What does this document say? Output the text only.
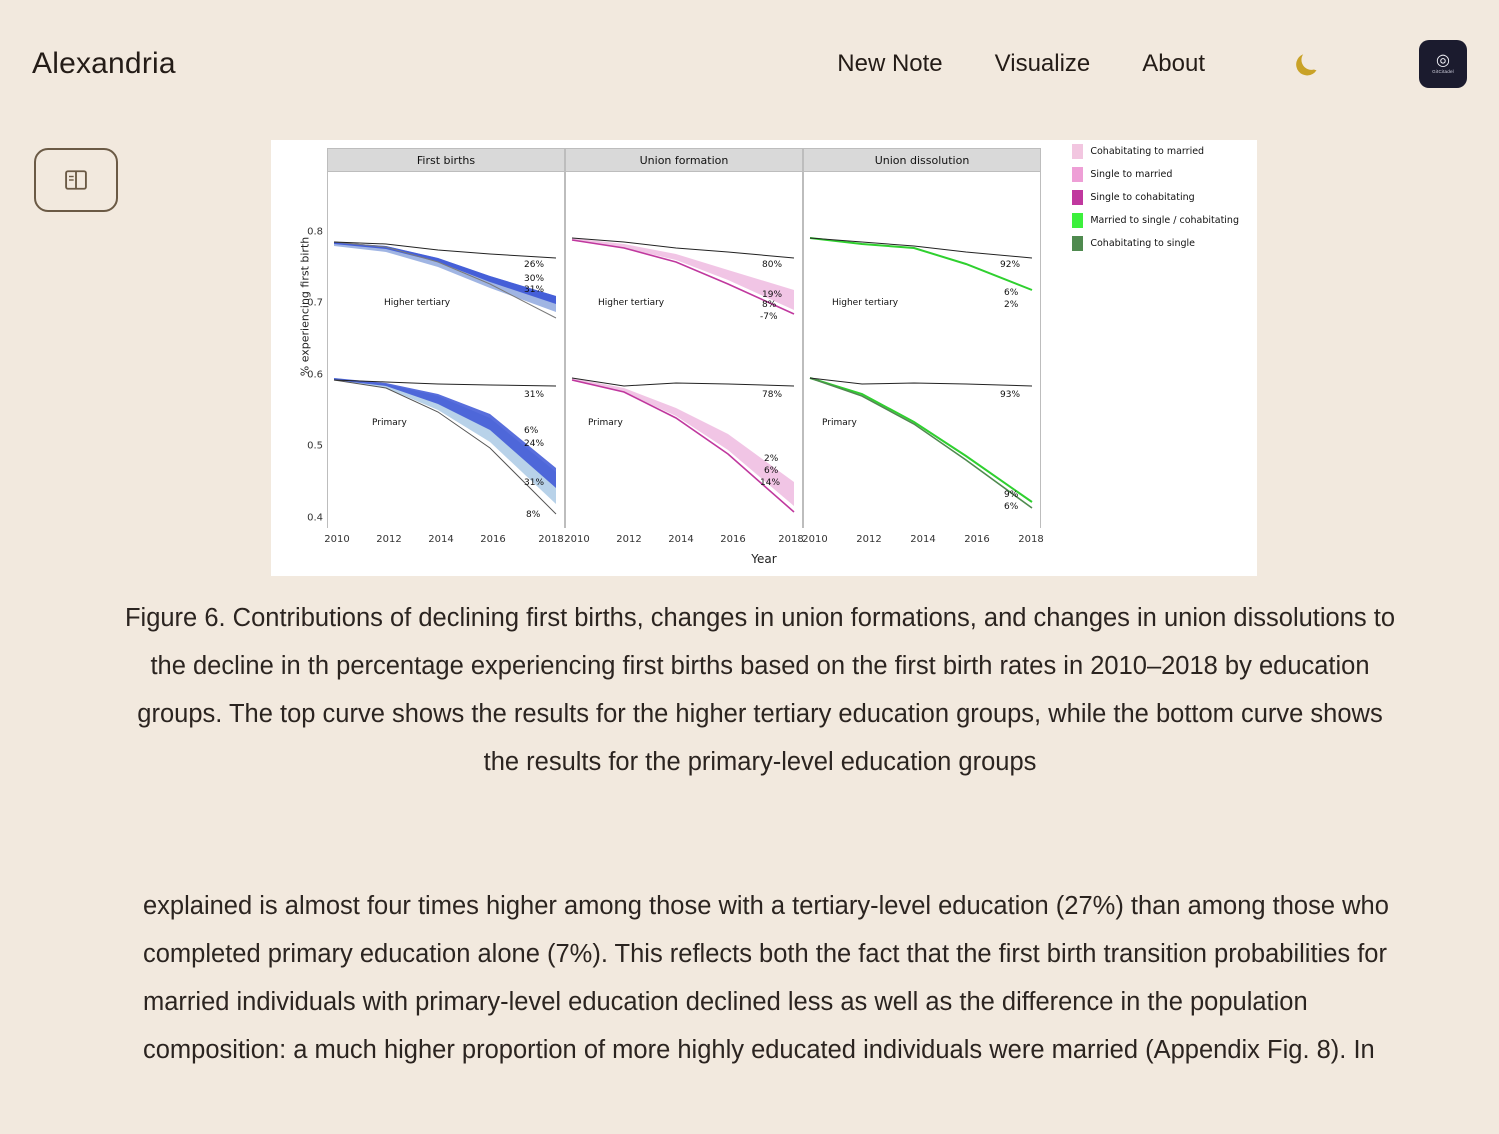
Alexandria	New Note Visualize About	◎
GitCitadel
% experiencing first birth
Year
0.8
0.7
0.6
0.5
0.4
First births
Higher tertiary
Primary
26%
30%
31%
31%
6%
24%
31%
8%
Union formation
Higher tertiary
Primary
80%
19%
8%
-7%
78%
2%
6%
14%
Union dissolution
Higher tertiary
Primary
92%
6%
2%
93%
9%
6%
2010	2012	2014	2016	2018 2010	2012	2014	2016	2018
2010	2012	2014	2016	2018
Cohabitating to married
Single to married
Single to cohabitating
Married to single / cohabitating
Cohabitating to single
Figure 6. Contributions of declining first births, changes in union formations, and changes in union dissolutions to the decline in th percentage experiencing first births based on the first birth rates in 2010–2018 by education groups. The top curve shows the results for the higher tertiary education groups, while the bottom curve shows the results for the primary-level education groups
explained is almost four times higher among those with a tertiary-level education (27%) than among those who completed primary education alone (7%). This reflects both the fact that the first birth transition probabilities for married individuals with primary-level education declined less as well as the difference in the population composition: a much higher proportion of more highly educated individuals were married (Appendix Fig. 8). In
